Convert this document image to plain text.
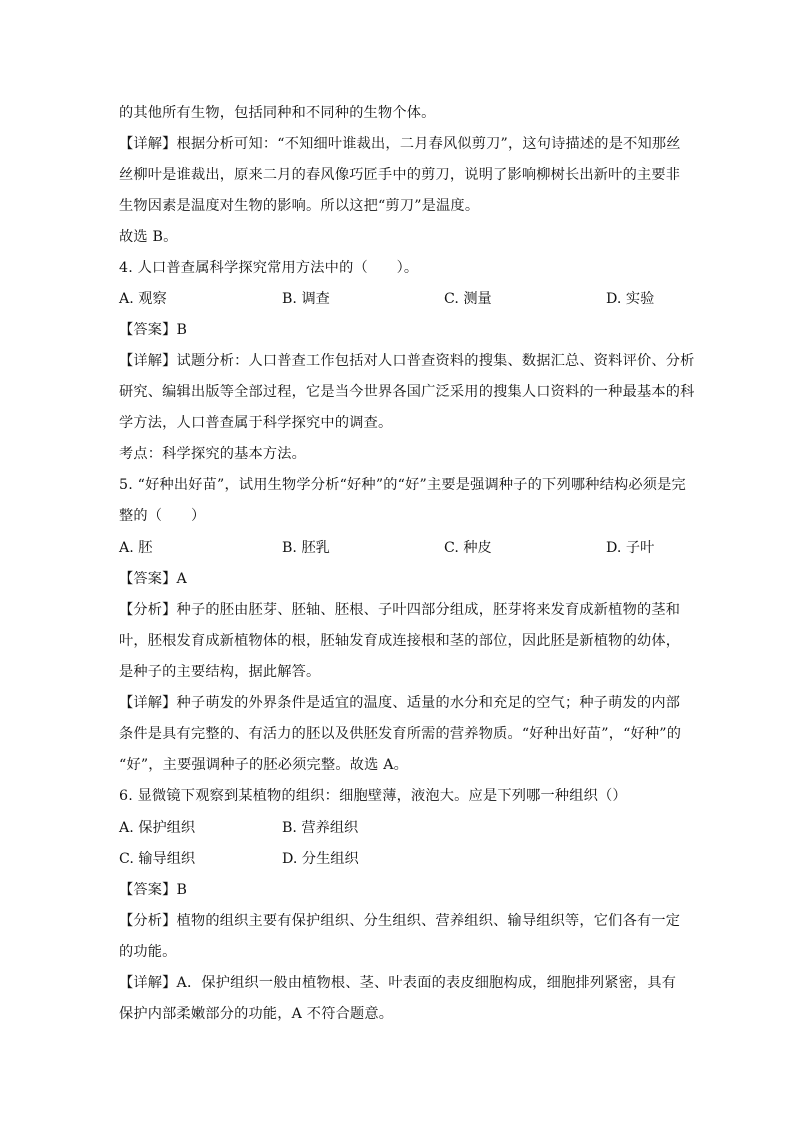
的其他所有生物，包括同种和不同种的生物个体。
【详解】根据分析可知：“不知细叶谁裁出，二月春风似剪刀”，这句诗描述的是不知那丝
丝柳叶是谁裁出，原来二月的春风像巧匠手中的剪刀，说明了影响柳树长出新叶的主要非
生物因素是温度对生物的影响。所以这把“剪刀”是温度。
故选 B。
4. 人口普查属科学探究常用方法中的（　　）。
A. 观察	B. 调查	C. 测量	D. 实验
【答案】B
【详解】试题分析：人口普查工作包括对人口普查资料的搜集、数据汇总、资料评价、分析
研究、编辑出版等全部过程，它是当今世界各国广泛采用的搜集人口资料的一种最基本的科
学方法，人口普查属于科学探究中的调查。
考点：科学探究的基本方法。
5. “好种出好苗”，试用生物学分析“好种”的“好”主要是强调种子的下列哪种结构必须是完
整的（　　）
A. 胚	B. 胚乳	C. 种皮	D. 子叶
【答案】A
【分析】种子的胚由胚芽、胚轴、胚根、子叶四部分组成，胚芽将来发育成新植物的茎和
叶，胚根发育成新植物体的根，胚轴发育成连接根和茎的部位，因此胚是新植物的幼体，
是种子的主要结构，据此解答。
【详解】种子萌发的外界条件是适宜的温度、适量的水分和充足的空气；种子萌发的内部
条件是具有完整的、有活力的胚以及供胚发育所需的营养物质。“好种出好苗”，“好种”的
“好”，主要强调种子的胚必须完整。故选 A。
6. 显微镜下观察到某植物的组织：细胞壁薄，液泡大。应是下列哪一种组织（）
A. 保护组织	B. 营养组织
C. 输导组织	D. 分生组织
【答案】B
【分析】植物的组织主要有保护组织、分生组织、营养组织、输导组织等，它们各有一定
的功能。
【详解】A．保护组织一般由植物根、茎、叶表面的表皮细胞构成，细胞排列紧密，具有
保护内部柔嫩部分的功能，A 不符合题意。
